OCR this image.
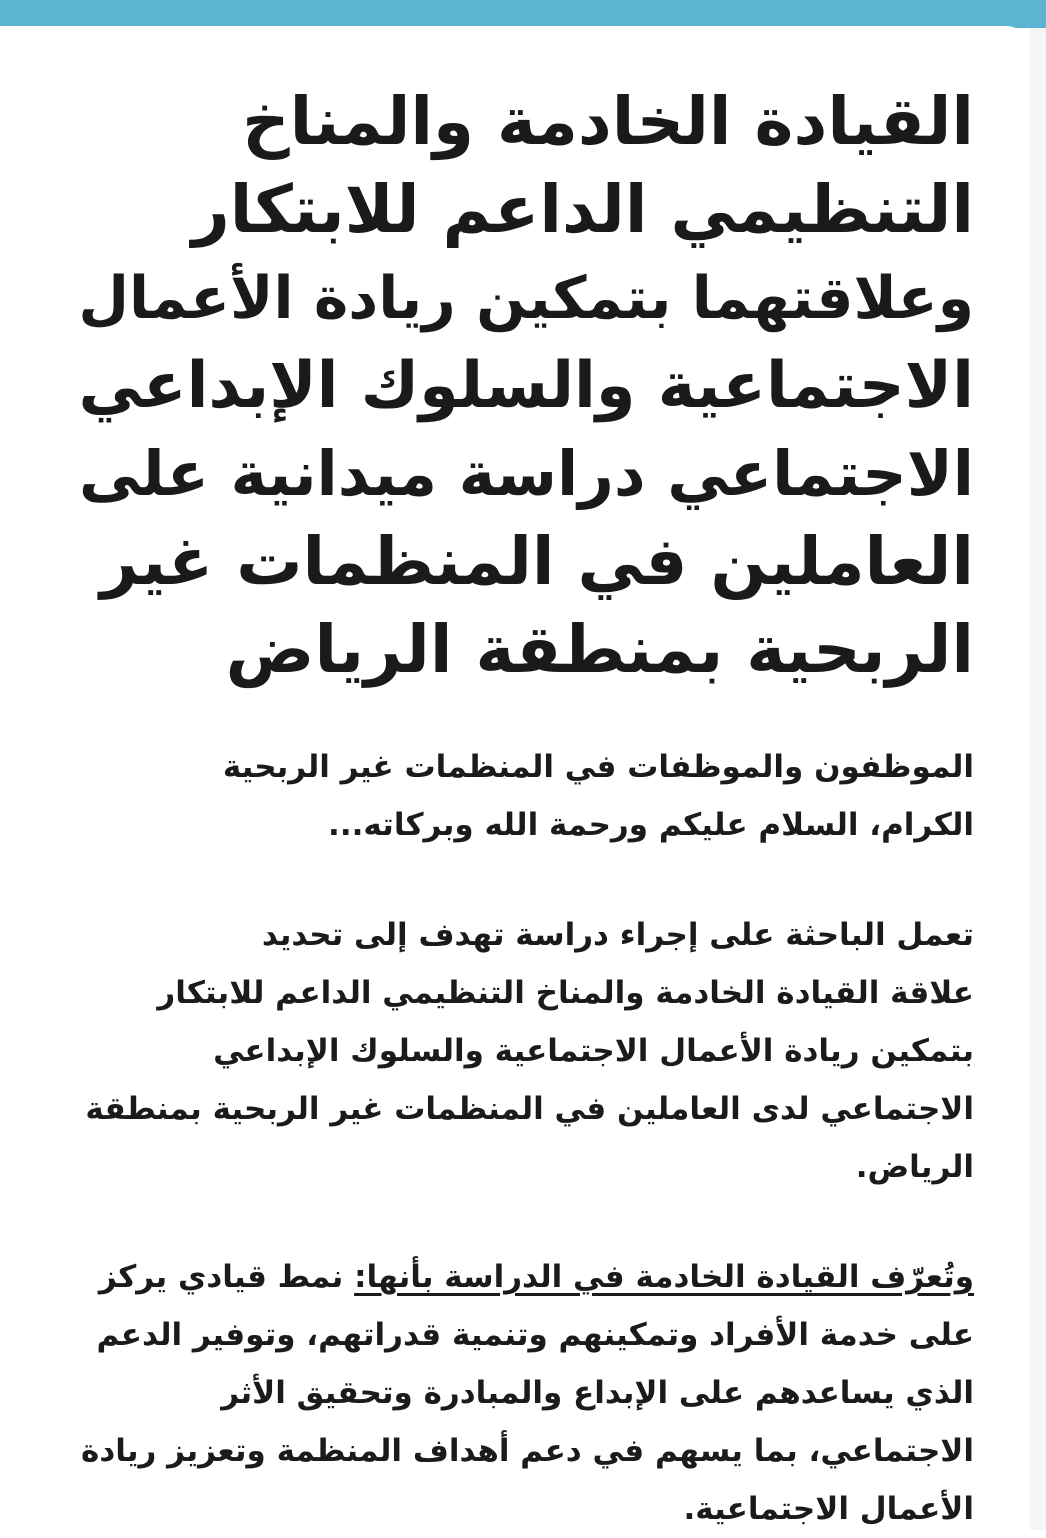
القيادة الخادمة والمناخ
التنظيمي الداعم للابتكار
وعلاقتهما بتمكين ريادة الأعمال
الاجتماعية والسلوك الإبداعي
الاجتماعي دراسة ميدانية على
العاملين في المنظمات غير
الربحية بمنطقة الرياض

الموظفون والموظفات في المنظمات غير الربحية
الكرام، السلام عليكم ورحمة الله وبركاته...

تعمل الباحثة على إجراء دراسة تهدف إلى تحديد
علاقة القيادة الخادمة والمناخ التنظيمي الداعم للابتكار
بتمكين ريادة الأعمال الاجتماعية والسلوك الإبداعي
الاجتماعي لدى العاملين في المنظمات غير الربحية بمنطقة
الرياض.

وتُعرّف القيادة الخادمة في الدراسة بأنها: نمط قيادي يركز
على خدمة الأفراد وتمكينهم وتنمية قدراتهم، وتوفير الدعم
الذي يساعدهم على الإبداع والمبادرة وتحقيق الأثر
الاجتماعي، بما يسهم في دعم أهداف المنظمة وتعزيز ريادة
الأعمال الاجتماعية.
